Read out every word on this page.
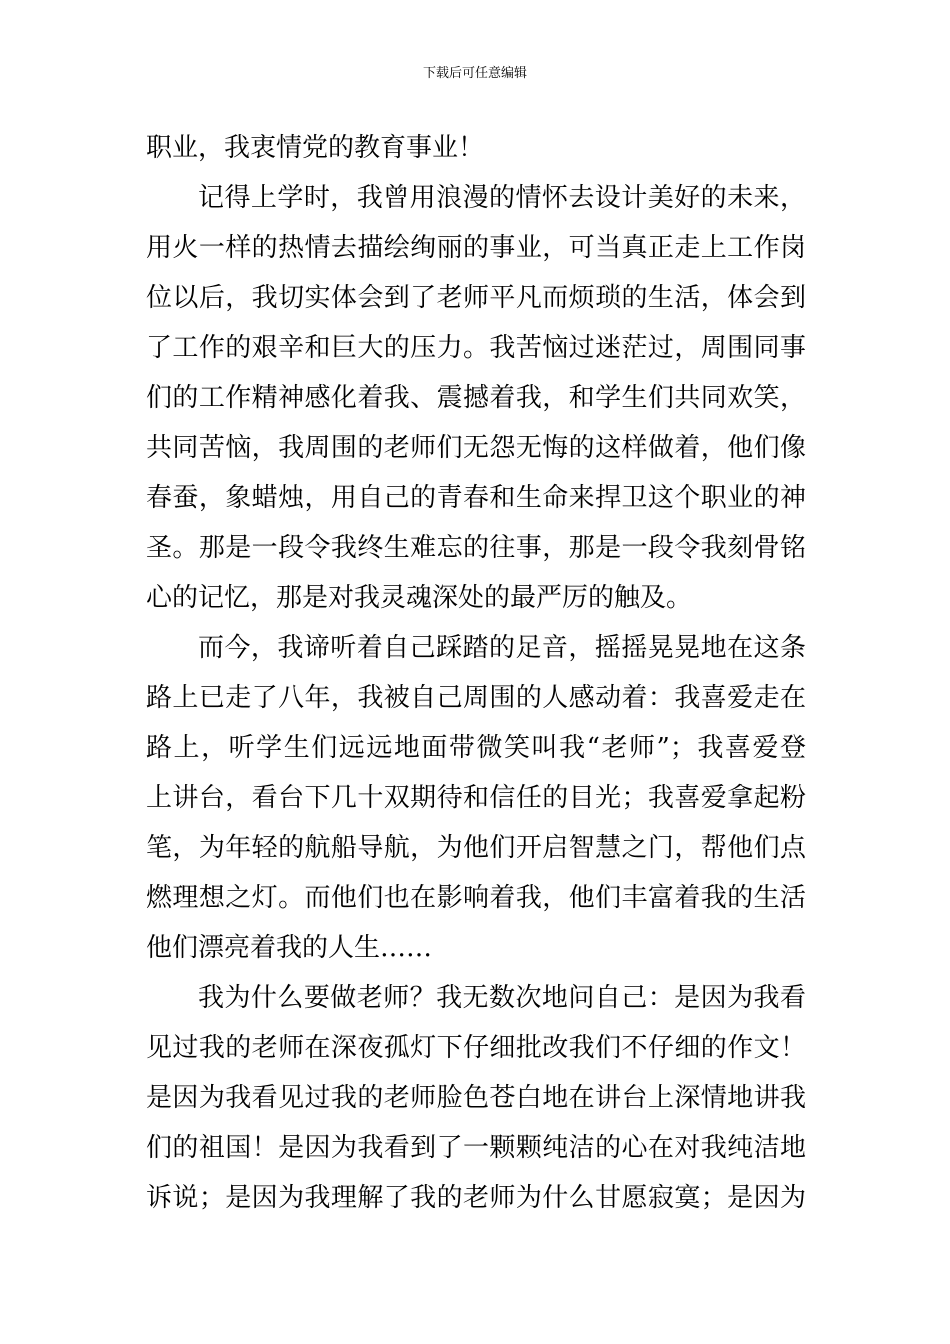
下载后可任意编辑
职业，我衷情党的教育事业！
记得上学时，我曾用浪漫的情怀去设计美好的未来，
用火一样的热情去描绘绚丽的事业，可当真正走上工作岗
位以后，我切实体会到了老师平凡而烦琐的生活，体会到
了工作的艰辛和巨大的压力。我苦恼过迷茫过，周围同事
们的工作精神感化着我、震撼着我，和学生们共同欢笑，
共同苦恼，我周围的老师们无怨无悔的这样做着，他们像
春蚕，象蜡烛，用自己的青春和生命来捍卫这个职业的神
圣。那是一段令我终生难忘的往事，那是一段令我刻骨铭
心的记忆，那是对我灵魂深处的最严厉的触及。
而今，我谛听着自己踩踏的足音，摇摇晃晃地在这条
路上已走了八年，我被自己周围的人感动着：我喜爱走在
路上，听学生们远远地面带微笑叫我“老师”；我喜爱登
上讲台，看台下几十双期待和信任的目光；我喜爱拿起粉
笔，为年轻的航船导航，为他们开启智慧之门，帮他们点
燃理想之灯。而他们也在影响着我，他们丰富着我的生活
他们漂亮着我的人生……
我为什么要做老师？我无数次地问自己：是因为我看
见过我的老师在深夜孤灯下仔细批改我们不仔细的作文！
是因为我看见过我的老师脸色苍白地在讲台上深情地讲我
们的祖国！是因为我看到了一颗颗纯洁的心在对我纯洁地
诉说；是因为我理解了我的老师为什么甘愿寂寞；是因为
